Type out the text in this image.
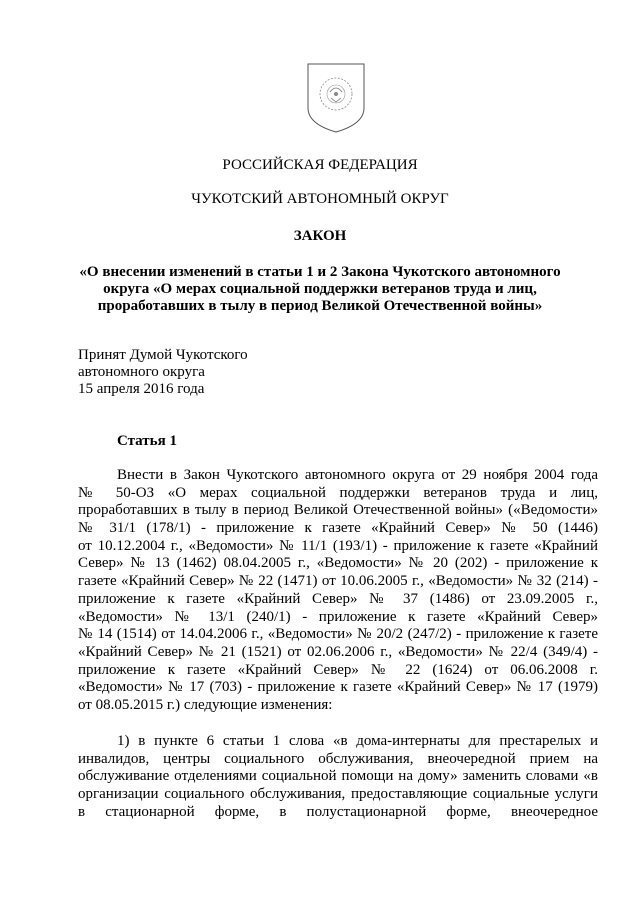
РОССИЙСКАЯ ФЕДЕРАЦИЯ
ЧУКОТСКИЙ АВТОНОМНЫЙ ОКРУГ
ЗАКОН
«О внесении изменений в статьи 1 и 2 Закона Чукотского автономного
округа «О мерах социальной поддержки ветеранов труда и лиц,
проработавших в тылу в период Великой Отечественной войны»
Принят Думой Чукотского
автономного округа
15 апреля 2016 года
Статья 1
Внести в Закон Чукотского автономного округа от 29 ноября 2004 года
№ 50-ОЗ «О мерах социальной поддержки ветеранов труда и лиц,
проработавших в тылу в период Великой Отечественной войны» («Ведомости»
№ 31/1 (178/1) - приложение к газете «Крайний Север» № 50 (1446)
от 10.12.2004 г., «Ведомости» № 11/1 (193/1) - приложение к газете «Крайний
Север» № 13 (1462) 08.04.2005 г., «Ведомости» № 20 (202) - приложение к
газете «Крайний Север» № 22 (1471) от 10.06.2005 г., «Ведомости» № 32 (214) -
приложение к газете «Крайний Север» № 37 (1486) от 23.09.2005 г.,
«Ведомости» № 13/1 (240/1) - приложение к газете «Крайний Север»
№ 14 (1514) от 14.04.2006 г., «Ведомости» № 20/2 (247/2) - приложение к газете
«Крайний Север» № 21 (1521) от 02.06.2006 г., «Ведомости» № 22/4 (349/4) -
приложение к газете «Крайний Север» № 22 (1624) от 06.06.2008 г.
«Ведомости» № 17 (703) - приложение к газете «Крайний Север» № 17 (1979)
от 08.05.2015 г.) следующие изменения:
1) в пункте 6 статьи 1 слова «в дома-интернаты для престарелых и
инвалидов, центры социального обслуживания, внеочередной прием на
обслуживание отделениями социальной помощи на дому» заменить словами «в
организации социального обслуживания, предоставляющие социальные услуги
в стационарной форме, в полустационарной форме, внеочередное
